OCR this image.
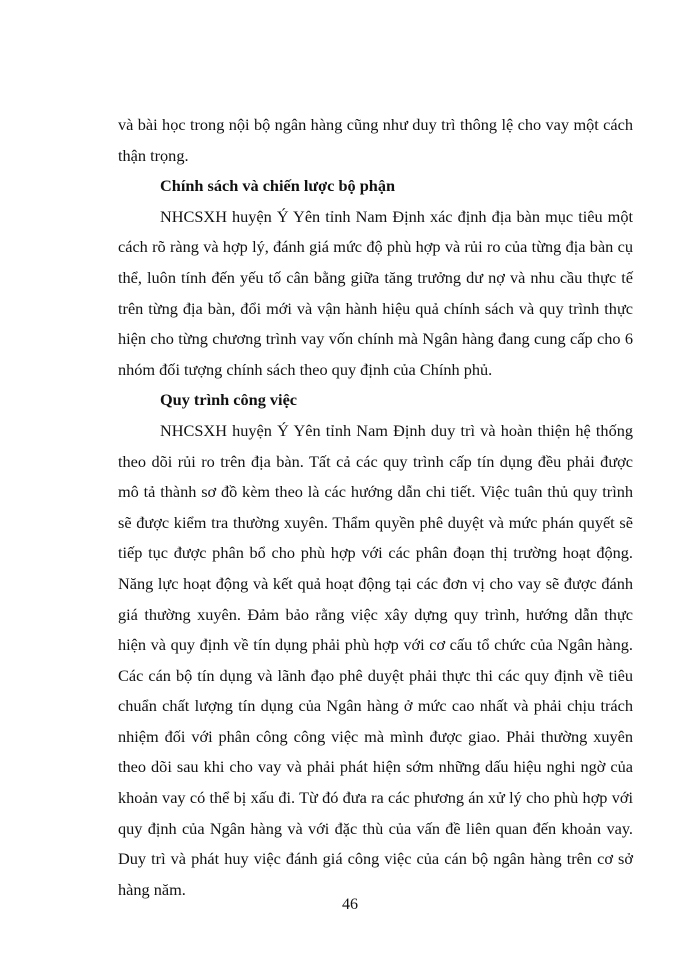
và bài học trong nội bộ ngân hàng cũng như duy trì thông lệ cho vay một cách thận trọng.

Chính sách và chiến lược bộ phận

NHCSXH huyện Ý Yên tỉnh Nam Định xác định địa bàn mục tiêu một cách rõ ràng và hợp lý, đánh giá mức độ phù hợp và rủi ro của từng địa bàn cụ thể, luôn tính đến yếu tố cân bằng giữa tăng trưởng dư nợ và nhu cầu thực tế trên từng địa bàn, đổi mới và vận hành hiệu quả chính sách và quy trình thực hiện cho từng chương trình vay vốn chính mà Ngân hàng đang cung cấp cho 6 nhóm đối tượng chính sách theo quy định của Chính phủ.

Quy trình công việc

NHCSXH huyện Ý Yên tỉnh Nam Định duy trì và hoàn thiện hệ thống theo dõi rủi ro trên địa bàn. Tất cả các quy trình cấp tín dụng đều phải được mô tả thành sơ đồ kèm theo là các hướng dẫn chi tiết. Việc tuân thủ quy trình sẽ được kiểm tra thường xuyên. Thẩm quyền phê duyệt và mức phán quyết sẽ tiếp tục được phân bổ cho phù hợp với các phân đoạn thị trường hoạt động. Năng lực hoạt động và kết quả hoạt động tại các đơn vị cho vay sẽ được đánh giá thường xuyên. Đảm bảo rằng việc xây dựng quy trình, hướng dẫn thực hiện và quy định về tín dụng phải phù hợp với cơ cấu tổ chức của Ngân hàng. Các cán bộ tín dụng và lãnh đạo phê duyệt phải thực thi các quy định về tiêu chuẩn chất lượng tín dụng của Ngân hàng ở mức cao nhất và phải chịu trách nhiệm đối với phân công công việc mà mình được giao. Phải thường xuyên theo dõi sau khi cho vay và phải phát hiện sớm những dấu hiệu nghi ngờ của khoản vay có thể bị xấu đi. Từ đó đưa ra các phương án xử lý cho phù hợp với quy định của Ngân hàng và với đặc thù của vấn đề liên quan đến khoản vay. Duy trì và phát huy việc đánh giá công việc của cán bộ ngân hàng trên cơ sở hàng năm.

46
